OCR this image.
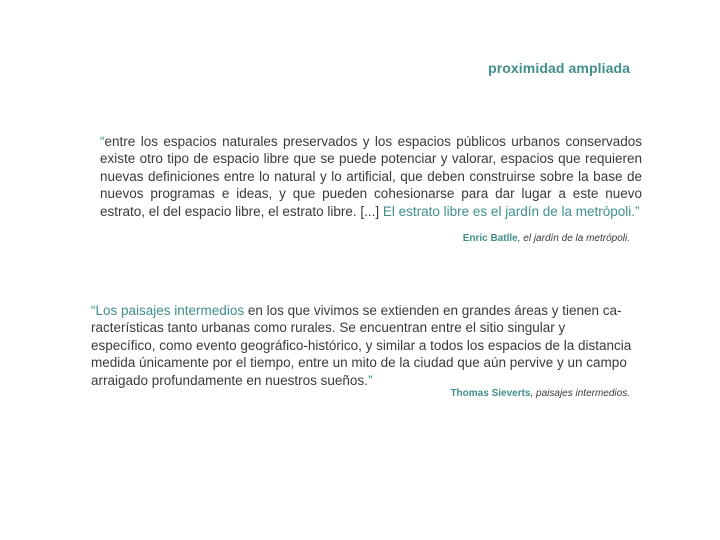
proximidad ampliada

“entre los espacios naturales preservados y los espacios públicos urbanos conservados existe otro tipo de espacio libre que se puede potenciar y valorar, espacios que requieren nuevas definiciones entre lo natural y lo artificial, que deben construirse sobre la base de nuevos programas e ideas, y que pueden cohesionarse para dar lugar a este nuevo estrato, el del espacio libre, el estrato libre. [...] El estrato libre es el jardín de la metrópoli.”

Enric Batlle, el jardín de la metrópoli.

“Los paisajes intermedios en los que vivimos se extienden en grandes áreas y tienen ca-racterísticas tanto urbanas como rurales. Se encuentran entre el sitio singular y específico, como evento geográfico-histórico, y similar a todos los espacios de la distancia medida únicamente por el tiempo, entre un mito de la ciudad que aún pervive y un campo arraigado profundamente en nuestros sueños.”

Thomas Sieverts, paisajes intermedios.
